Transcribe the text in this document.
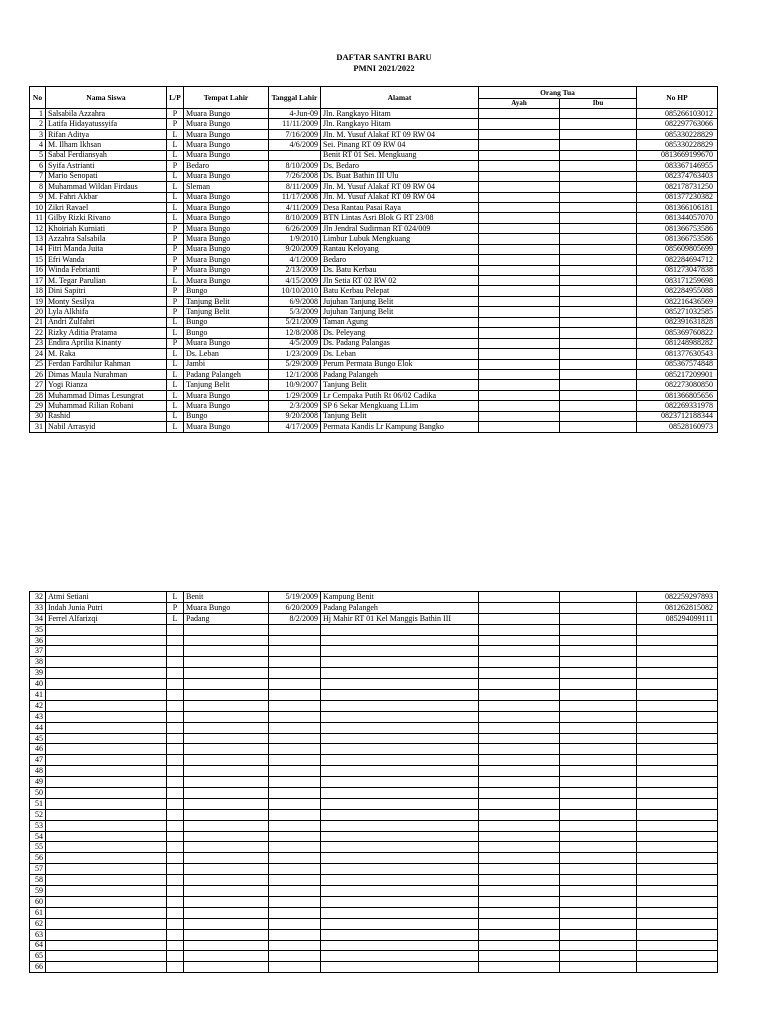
DAFTAR SANTRI BARU
PMNI 2021/2022
No	Nama Siswa	L/P	Tempat Lahir	Tanggal Lahir	Alamat	Orang Tua		No HP
						Ayah	Ibu	
1	Salsabila Azzahra	P	Muara Bungo	4-Jun-09	Jln. Rangkayo Hitam			085266103012
2	Latifa Hidayatussyifa	P	Muara Bungo	11/11/2009	Jln. Rangkayo Hitam			082297763066
3	Rifan Aditya	L	Muara Bungo	7/16/2009	Jln. M. Yusuf Alakaf RT 09 RW 04			085330228829
4	M. Ilham Ikhsan	L	Muara Bungo	4/6/2009	Sei. Pinang RT 09 RW 04			085330228829
5	Sabal Ferdiansyah	L	Muara Bungo		Benit RT 01 Sei. Mengkuang			0813669199670
6	Syifa Astrianti	P	Bedaro	8/10/2009	Ds. Bedaro			083367146955
7	Mario Senopati	L	Muara Bungo	7/26/2008	Ds. Buat Bathin III Ulu			082374763403
8	Muhammad Wildan Firdaus	L	Sleman	8/11/2009	Jln. M. Yusuf Alakaf RT 09 RW 04			082178731250
9	M. Fahri Akbar	L	Muara Bungo	11/17/2008	Jln. M. Yusuf Alakaf RT 09 RW 04			081377230382
10	Zikri Ravael	L	Muara Bungo	4/11/2009	Desa Rantau Pasai Raya			081366106181
11	Gilby Rizki Rivano	L	Muara Bungo	8/10/2009	BTN Lintas Asri Blok G RT 23/08			081344057070
12	Khoiriah Kurniati	P	Muara Bungo	6/26/2009	Jln Jendral Sudirman RT 024/009			081366753586
13	Azzahra Salsabila	P	Muara Bungo	1/9/2010	Limbur Lubuk Mengkuang			081366753586
14	Fitri Manda Juita	P	Muara Bungo	9/20/2009	Rantau Keloyang			085609805699
15	Efri Wanda	P	Muara Bungo	4/1/2009	Bedaro			082284694712
16	Winda Febrianti	P	Muara Bungo	2/13/2009	Ds. Batu Kerbau			081273047838
17	M. Tegar Parulian	L	Muara Bungo	4/15/2009	Jln Setia RT 02 RW 02			083171259698
18	Dini Sapitri	P	Bungo	10/10/2010	Batu Kerbau Pelepat			082284955088
19	Monty Sesilya	P	Tanjung Belit	6/9/2008	Jujuhan Tanjung Belit			082216436569
20	Lyla Alkhifa	P	Tanjung Belit	5/3/2009	Jujuhan Tanjung Belit			085271032585
21	Andri Zulfahri	L	Bungo	5/21/2009	Taman Agung			082391631828
22	Rizky Aditia Pratama	L	Bungo	12/8/2008	Ds. Peleyang			085369760822
23	Endira Aprilia Kinanty	P	Muara Bungo	4/5/2009	Ds. Padang Palangas			081248988282
24	M. Raka	L	Ds. Leban	1/23/2009	Ds. Leban			081377630543
25	Ferdan Fardhilur Rahman	L	Jambi	5/29/2009	Perum Permata Bungo Elok			085367574848
26	Dimas Maula Nurahman	L	Padang Palangeh	12/1/2008	Padang Palangeh			085217209901
27	Yogi Rianza	L	Tanjung Belit	10/9/2007	Tanjung Belit			082273080850
28	Muhammad Dimas Lesungrat	L	Muara Bungo	1/29/2009	Lr Cempaka Putih Rt 06/02 Cadika			081366805656
29	Muhammad Rilian Robani	L	Muara Bungo	2/3/2009	SP 6 Sekar Mengkuang LLim			082269331978
30	Rashid	L	Bungo	9/20/2008	Tanjung Belit			0823712188344
31	Nabil Arrasyid	L	Muara Bungo	4/17/2009	Permata Kandis Lr Kampung Bangko			08528160973
32	Atmi Setiani	L	Benit	5/19/2009	Kampung Benit			082259297893
33	Indah Junia Putri	P	Muara Bungo	6/20/2009	Padang Palangeh			081262815082
34	Ferrel Alfarizqi	L	Padang	8/2/2009	Hj Mahir RT 01 Kel Manggis Bathin III			085294099111
35								
36								
37								
38								
39								
40								
41								
42								
43								
44								
45								
46								
47								
48								
49								
50								
51								
52								
53								
54								
55								
56								
57								
58								
59								
60								
61								
62								
63								
64								
65								
66								
